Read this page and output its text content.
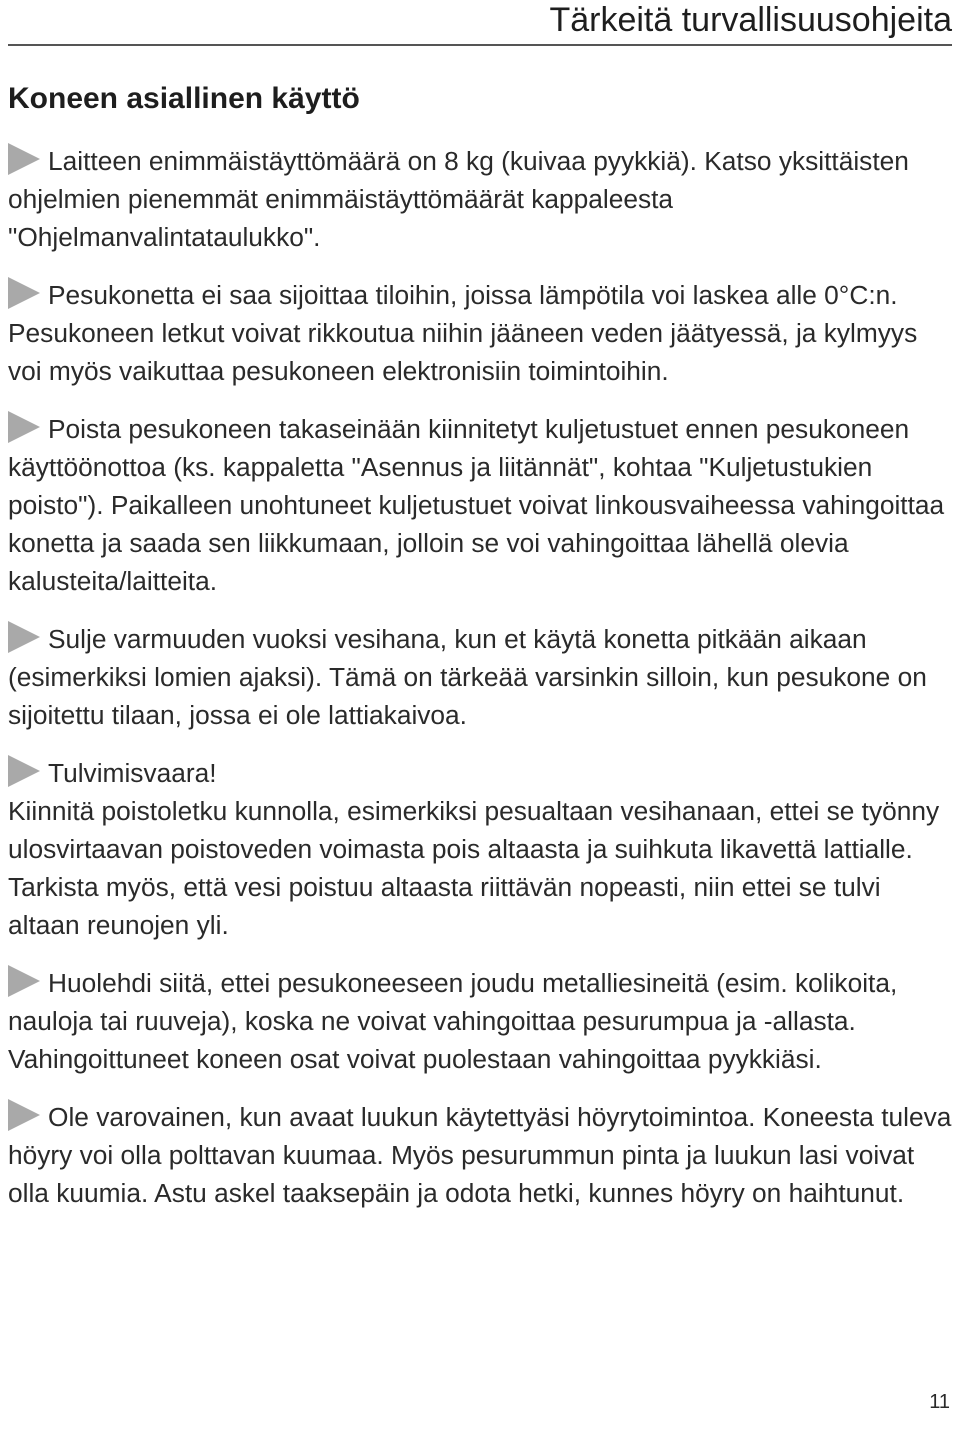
Tärkeitä turvallisuusohjeita
Koneen asiallinen käyttö

Laitteen enimmäistäyttömäärä on 8 kg (kuivaa pyykkiä). Katso yksittäisten ohjelmien pienemmät enimmäistäyttömäärät kappaleesta "Ohjelmanvalintataulukko".

Pesukonetta ei saa sijoittaa tiloihin, joissa lämpötila voi laskea alle 0°C:n. Pesukoneen letkut voivat rikkoutua niihin jääneen veden jäätyessä, ja kylmyys voi myös vaikuttaa pesukoneen elektronisiin toimintoihin.

Poista pesukoneen takaseinään kiinnitetyt kuljetustuet ennen pesukoneen käyttöönottoa (ks. kappaletta "Asennus ja liitännät", kohtaa "Kuljetustukien poisto"). Paikalleen unohtuneet kuljetustuet voivat linkousvaiheessa vahingoittaa konetta ja saada sen liikkumaan, jolloin se voi vahingoittaa lähellä olevia kalusteita/laitteita.

Sulje varmuuden vuoksi vesihana, kun et käytä konetta pitkään aikaan (esimerkiksi lomien ajaksi). Tämä on tärkeää varsinkin silloin, kun pesukone on sijoitettu tilaan, jossa ei ole lattiakaivoa.

Tulvimisvaara!

Kiinnitä poistoletku kunnolla, esimerkiksi pesualtaan vesihanaan, ettei se työnny ulosvirtaavan poistoveden voimasta pois altaasta ja suihkuta likavettä lattialle.

Tarkista myös, että vesi poistuu altaasta riittävän nopeasti, niin ettei se tulvi altaan reunojen yli.

Huolehdi siitä, ettei pesukoneeseen joudu metalliesineitä (esim. kolikoita, nauloja tai ruuveja), koska ne voivat vahingoittaa pesurumpua ja -allasta. Vahingoittuneet koneen osat voivat puolestaan vahingoittaa pyykkiäsi.

Ole varovainen, kun avaat luukun käytettyäsi höyrytoimintoa. Koneesta tuleva höyry voi olla polttavan kuumaa. Myös pesurummun pinta ja luukun lasi voivat olla kuumia. Astu askel taaksepäin ja odota hetki, kunnes höyry on haihtunut.

11
